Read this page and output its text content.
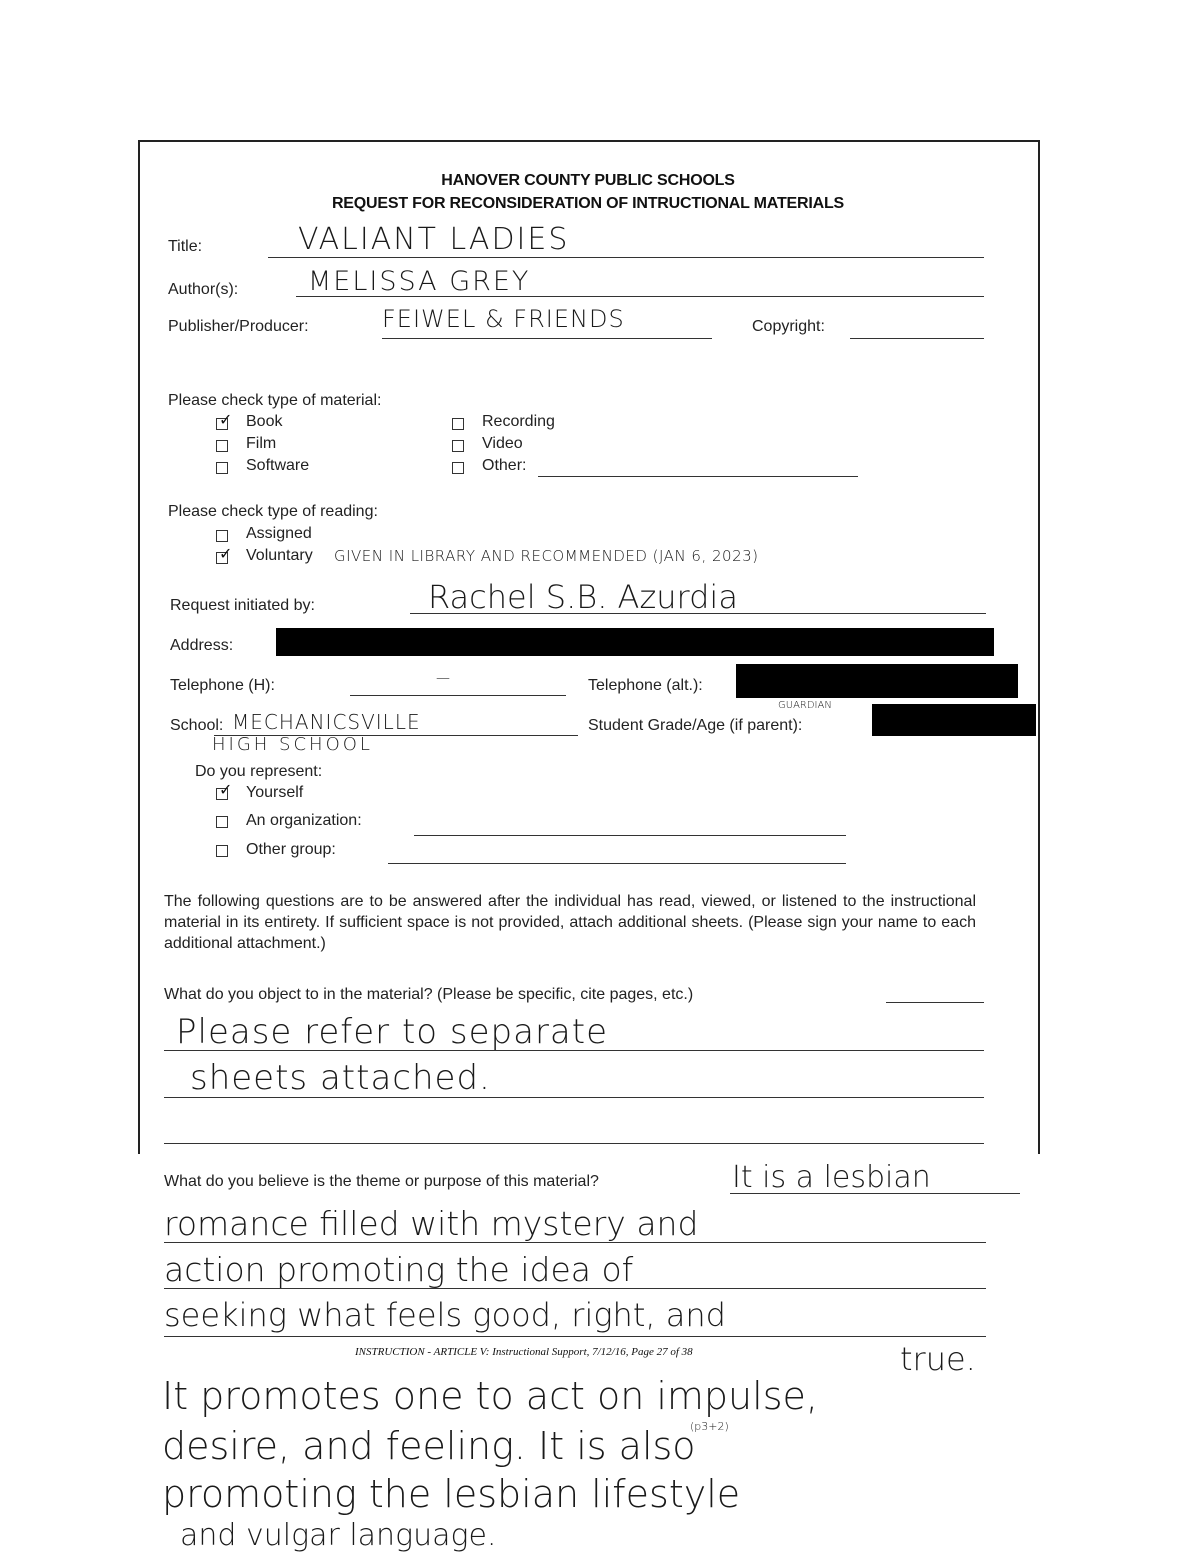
HANOVER COUNTY PUBLIC SCHOOLS
REQUEST FOR RECONSIDERATION OF INTRUCTIONAL MATERIALS
Title:	VALIANT LADIES
Author(s):	MELISSA GREY
Publisher/Producer:	FEIWEL & FRIENDS	Copyright:
Please check type of material:
✓
Book
Film
Software
Recording
Video
Other:
Please check type of reading:
Assigned
✓
Voluntary GIVEN IN LIBRARY AND RECOMMENDED (JAN 6, 2023)
Request initiated by:	Rachel S.B. Azurdia
Address:
Telephone (H):	—	Telephone (alt.):
School: MECHANICSVILLE
HIGH SCHOOL
Student Grade/Age (if parent):
GUARDIAN
Do you represent:
✓
Yourself
An organization:
Other group:
The following questions are to be answered after the individual has read, viewed, or listened to the instructional material in its entirety. If sufficient space is not provided, attach additional sheets. (Please sign your name to each additional attachment.)
What do you object to in the material? (Please be specific, cite pages, etc.)
Please refer to separate
sheets attached.
What do you believe is the theme or purpose of this material?	It is a lesbian
romance filled with mystery and
action promoting the idea of
seeking what feels good, right, and
true.
INSTRUCTION - ARTICLE V: Instructional Support, 7/12/16, Page 27 of 38
It promotes one to act on impulse,
(p3+2)
desire, and feeling. It is also
promoting the lesbian lifestyle
and vulgar language.
